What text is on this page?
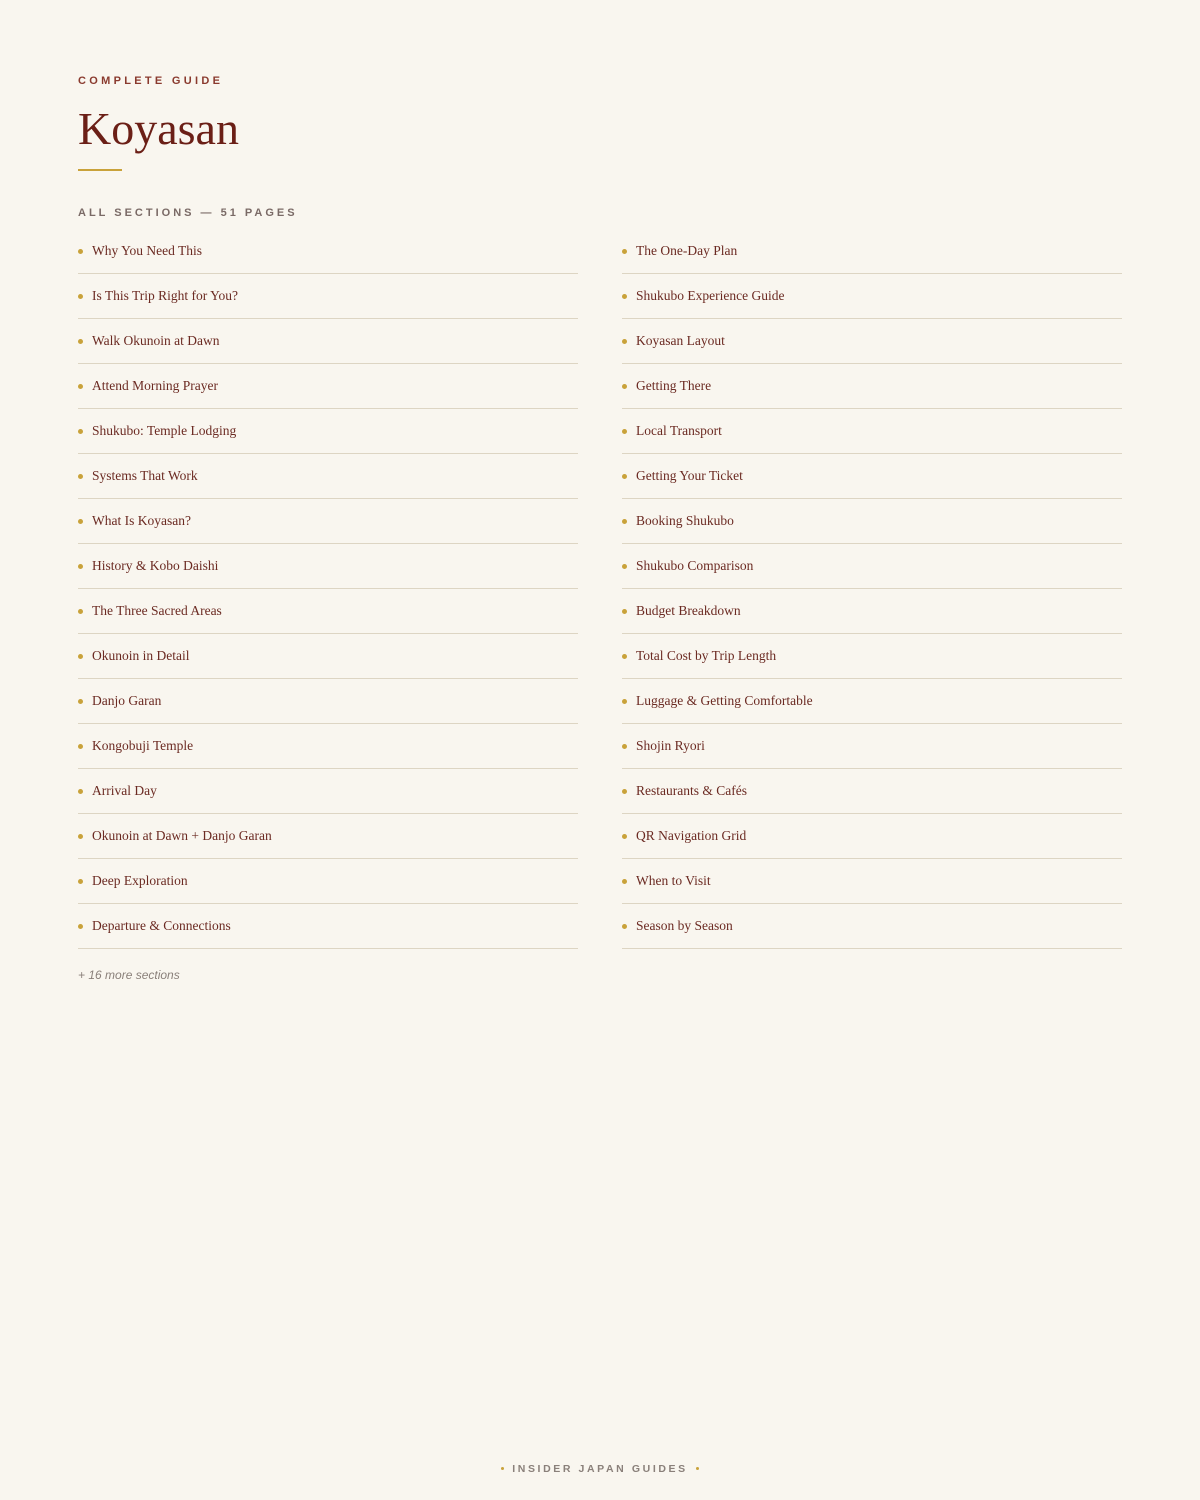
COMPLETE GUIDE
Koyasan
ALL SECTIONS — 51 PAGES
Why You Need This
Is This Trip Right for You?
Walk Okunoin at Dawn
Attend Morning Prayer
Shukubo: Temple Lodging
Systems That Work
What Is Koyasan?
History & Kobo Daishi
The Three Sacred Areas
Okunoin in Detail
Danjo Garan
Kongobuji Temple
Arrival Day
Okunoin at Dawn + Danjo Garan
Deep Exploration
Departure & Connections
The One-Day Plan
Shukubo Experience Guide
Koyasan Layout
Getting There
Local Transport
Getting Your Ticket
Booking Shukubo
Shukubo Comparison
Budget Breakdown
Total Cost by Trip Length
Luggage & Getting Comfortable
Shojin Ryori
Restaurants & Cafés
QR Navigation Grid
When to Visit
Season by Season
+ 16 more sections
INSIDER JAPAN GUIDES
